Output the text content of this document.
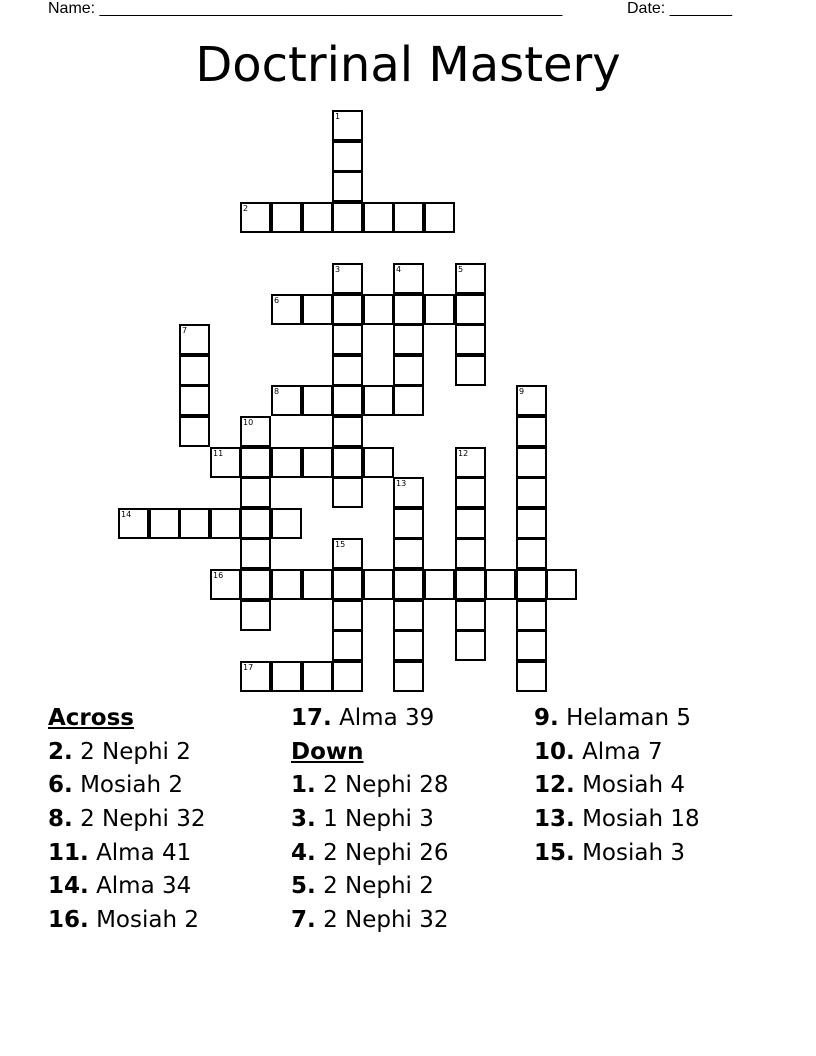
Name: ____________________________________________________	Date: _______
Doctrinal Mastery
1
2
3	4	5
6
7
8	9
10
11	12
13
14
15
16
17
Across
2. 2 Nephi 2
6. Mosiah 2
8. 2 Nephi 32
11. Alma 41
14. Alma 34
16. Mosiah 2
17. Alma 39
Down
1. 2 Nephi 28
3. 1 Nephi 3
4. 2 Nephi 26
5. 2 Nephi 2
7. 2 Nephi 32
9. Helaman 5
10. Alma 7
12. Mosiah 4
13. Mosiah 18
15. Mosiah 3
